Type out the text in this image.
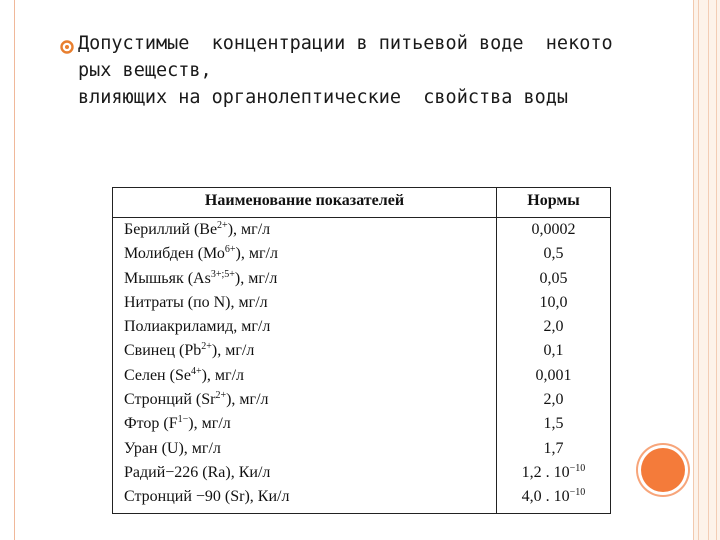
Допустимые  концентрации в питьевой воде  некото
рых веществ,
влияющих на органолептические  свойства воды
Наименование показателей	Нормы
Бериллий $(Ве^{2+})$, мг/л	0,0002
Молибден $(Мо^{6+})$, мг/л	0,5
Мышьяк $(As^{3+;5+})$, мг/л	0,05
Нитраты (по N), мг/л	10,0
Полиакриламид, мг/л	2,0
Свинец $(Pb^{2+})$, мг/л	0,1
Селен $(Se^{4+})$, мг/л	0,001
Стронций $(Sr^{2+})$, мг/л	2,0
Фтор $(F^{1-})$, мг/л	1,5
Уран (U), мг/л	1,7
Радий−226 (Ra), Ки/л	1,2 . $10^{-10}$
Стронций −90 (Sr), Ки/л	4,0 . $10^{-10}$
